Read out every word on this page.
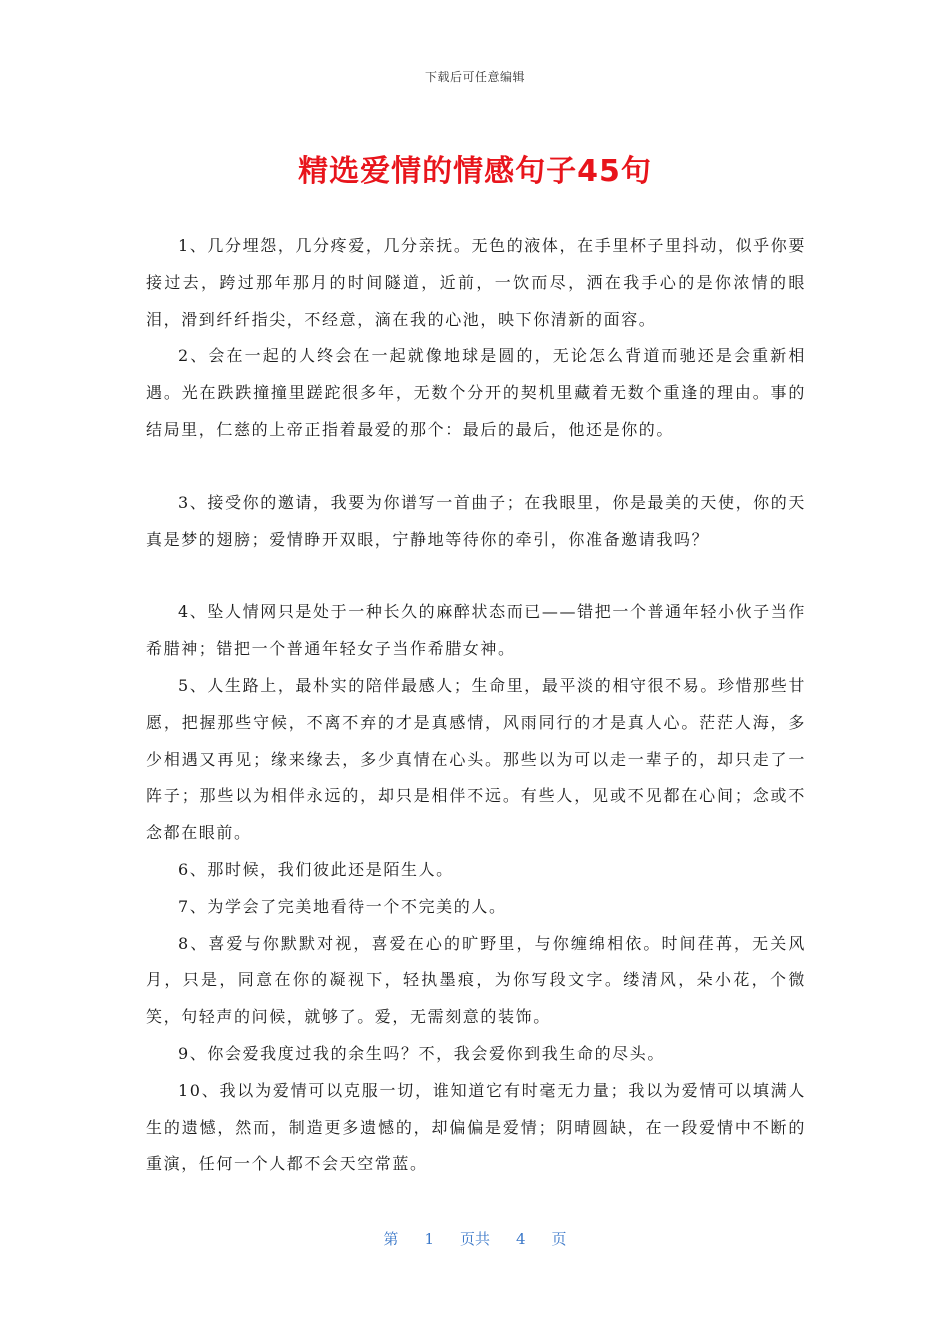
下载后可任意编辑
精选爱情的情感句子45句

1、几分埋怨，几分疼爱，几分亲抚。无色的液体，在手里杯子里抖动，似乎你要接过去，跨过那年那月的时间隧道，近前，一饮而尽，洒在我手心的是你浓情的眼泪，滑到纤纤指尖，不经意，滴在我的心池，映下你清新的面容。

2、会在一起的人终会在一起就像地球是圆的，无论怎么背道而驰还是会重新相遇。光在跌跌撞撞里蹉跎很多年，无数个分开的契机里藏着无数个重逢的理由。事的结局里，仁慈的上帝正指着最爱的那个：最后的最后，他还是你的。

3、接受你的邀请，我要为你谱写一首曲子；在我眼里，你是最美的天使，你的天真是梦的翅膀；爱情睁开双眼，宁静地等待你的牵引，你准备邀请我吗？

4、坠人情网只是处于一种长久的麻醉状态而已——错把一个普通年轻小伙子当作希腊神；错把一个普通年轻女子当作希腊女神。

5、人生路上，最朴实的陪伴最感人；生命里，最平淡的相守很不易。珍惜那些甘愿，把握那些守候，不离不弃的才是真感情，风雨同行的才是真人心。茫茫人海，多少相遇又再见；缘来缘去，多少真情在心头。那些以为可以走一辈子的，却只走了一阵子；那些以为相伴永远的，却只是相伴不远。有些人，见或不见都在心间；念或不念都在眼前。

6、那时候，我们彼此还是陌生人。

7、为学会了完美地看待一个不完美的人。

8、喜爱与你默默对视，喜爱在心的旷野里，与你缠绵相依。时间荏苒，无关风月，只是，同意在你的凝视下，轻执墨痕，为你写段文字。缕清风，朵小花，个微笑，句轻声的问候，就够了。爱，无需刻意的装饰。

9、你会爱我度过我的余生吗？不，我会爱你到我生命的尽头。

10、我以为爱情可以克服一切，谁知道它有时毫无力量；我以为爱情可以填满人生的遗憾，然而，制造更多遗憾的，却偏偏是爱情；阴晴圆缺，在一段爱情中不断的重演，任何一个人都不会天空常蓝。

第 1 页共 4 页
